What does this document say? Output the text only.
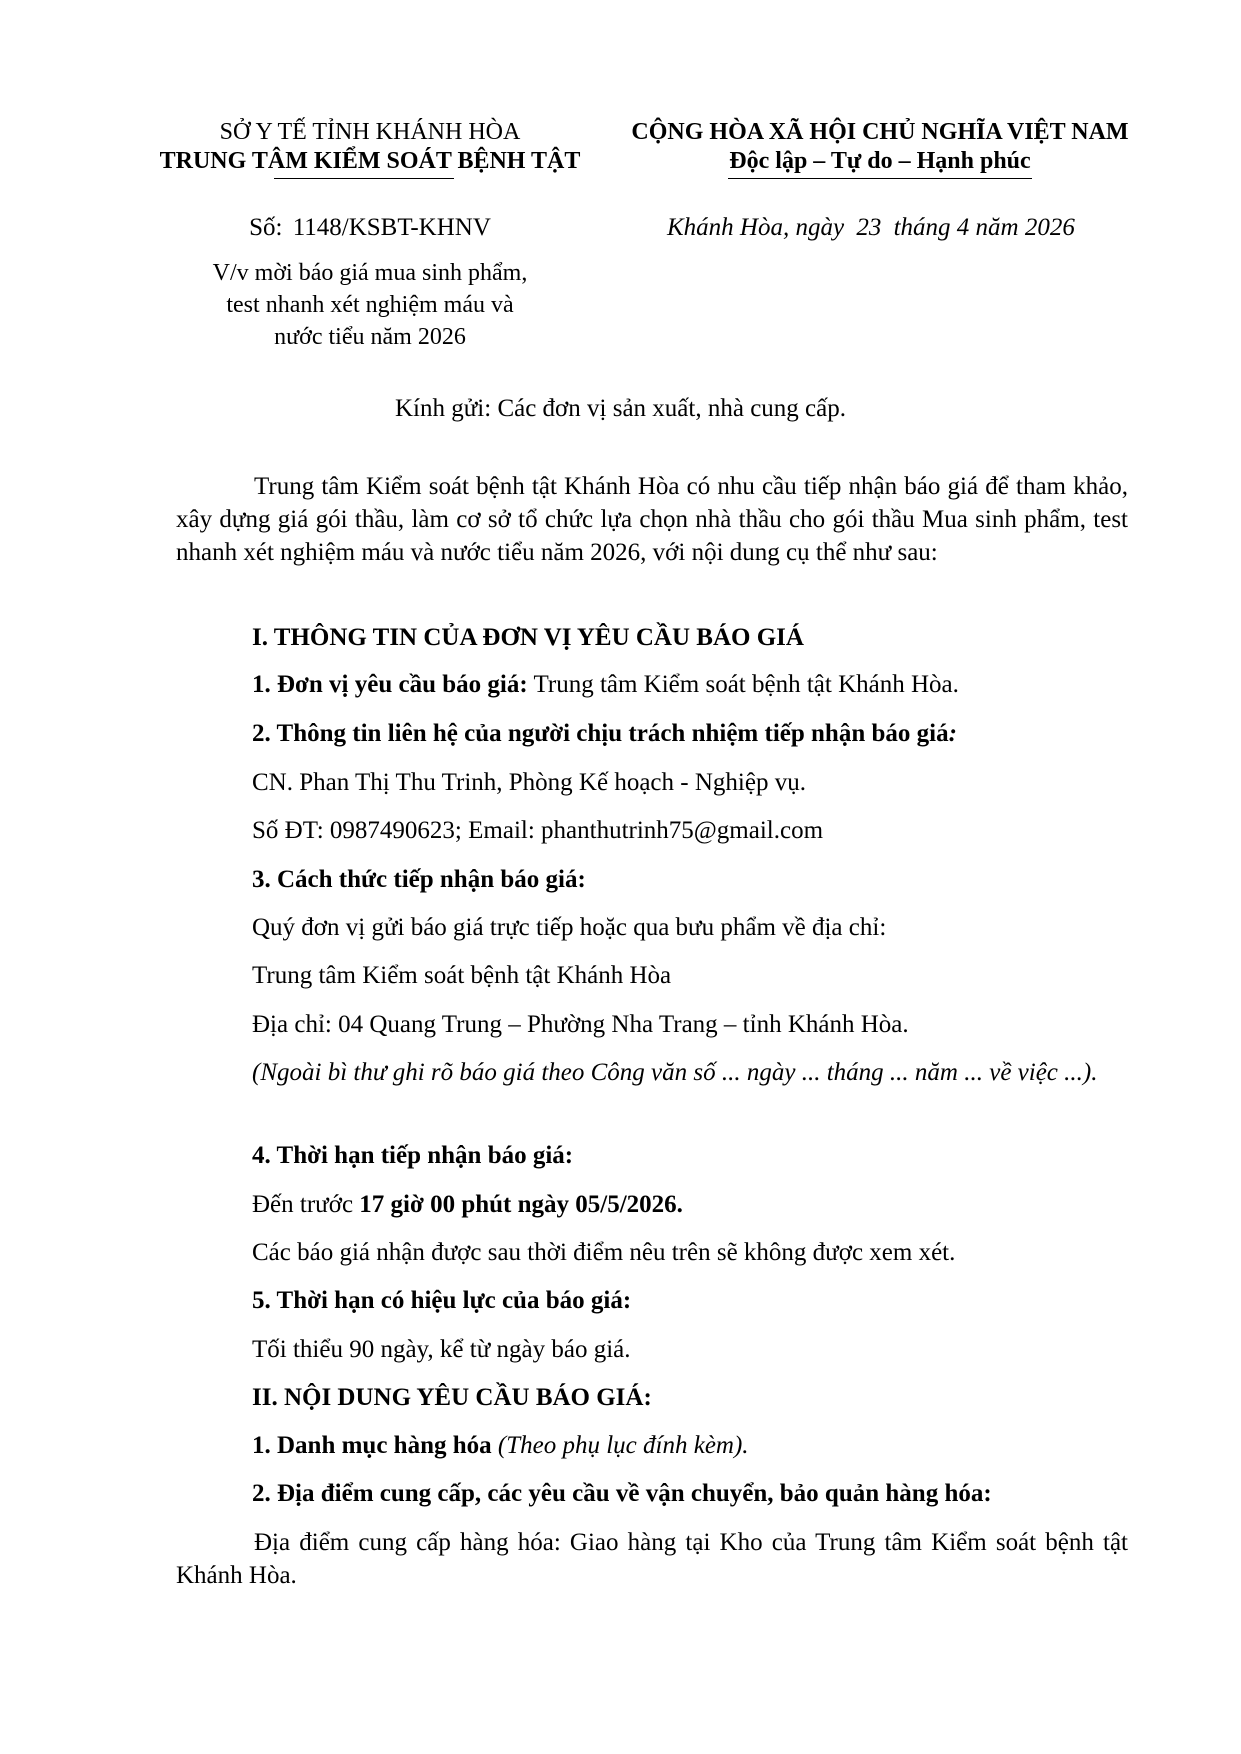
SỞ Y TẾ TỈNH KHÁNH HÒA
TRUNG TÂM KIỂM SOÁT BỆNH TẬT
Số: 1148/KSBT-KHNV
V/v mời báo giá mua sinh phẩm,
test nhanh xét nghiệm máu và
nước tiểu năm 2026
CỘNG HÒA XÃ HỘI CHỦ NGHĨA VIỆT NAM
Độc lập – Tự do – Hạnh phúc
Khánh Hòa, ngày 23 tháng 4 năm 2026
Kính gửi: Các đơn vị sản xuất, nhà cung cấp.

Trung tâm Kiểm soát bệnh tật Khánh Hòa có nhu cầu tiếp nhận báo giá để tham khảo, xây dựng giá gói thầu, làm cơ sở tổ chức lựa chọn nhà thầu cho gói thầu Mua sinh phẩm, test nhanh xét nghiệm máu và nước tiểu năm 2026, với nội dung cụ thể như sau:

I. THÔNG TIN CỦA ĐƠN VỊ YÊU CẦU BÁO GIÁ
1. Đơn vị yêu cầu báo giá: Trung tâm Kiểm soát bệnh tật Khánh Hòa.
2. Thông tin liên hệ của người chịu trách nhiệm tiếp nhận báo giá:
CN. Phan Thị Thu Trinh, Phòng Kế hoạch - Nghiệp vụ.
Số ĐT: 0987490623; Email: phanthutrinh75@gmail.com
3. Cách thức tiếp nhận báo giá:
Quý đơn vị gửi báo giá trực tiếp hoặc qua bưu phẩm về địa chỉ:
Trung tâm Kiểm soát bệnh tật Khánh Hòa
Địa chỉ: 04 Quang Trung – Phường Nha Trang – tỉnh Khánh Hòa.

(Ngoài bì thư ghi rõ báo giá theo Công văn số ... ngày ... tháng ... năm ... về việc ...).

4. Thời hạn tiếp nhận báo giá:
Đến trước 17 giờ 00 phút ngày 05/5/2026.
Các báo giá nhận được sau thời điểm nêu trên sẽ không được xem xét.
5. Thời hạn có hiệu lực của báo giá:
Tối thiểu 90 ngày, kể từ ngày báo giá.
II. NỘI DUNG YÊU CẦU BÁO GIÁ:
1. Danh mục hàng hóa (Theo phụ lục đính kèm).
2. Địa điểm cung cấp, các yêu cầu về vận chuyển, bảo quản hàng hóa:

Địa điểm cung cấp hàng hóa: Giao hàng tại Kho của Trung tâm Kiểm soát bệnh tật Khánh Hòa.
